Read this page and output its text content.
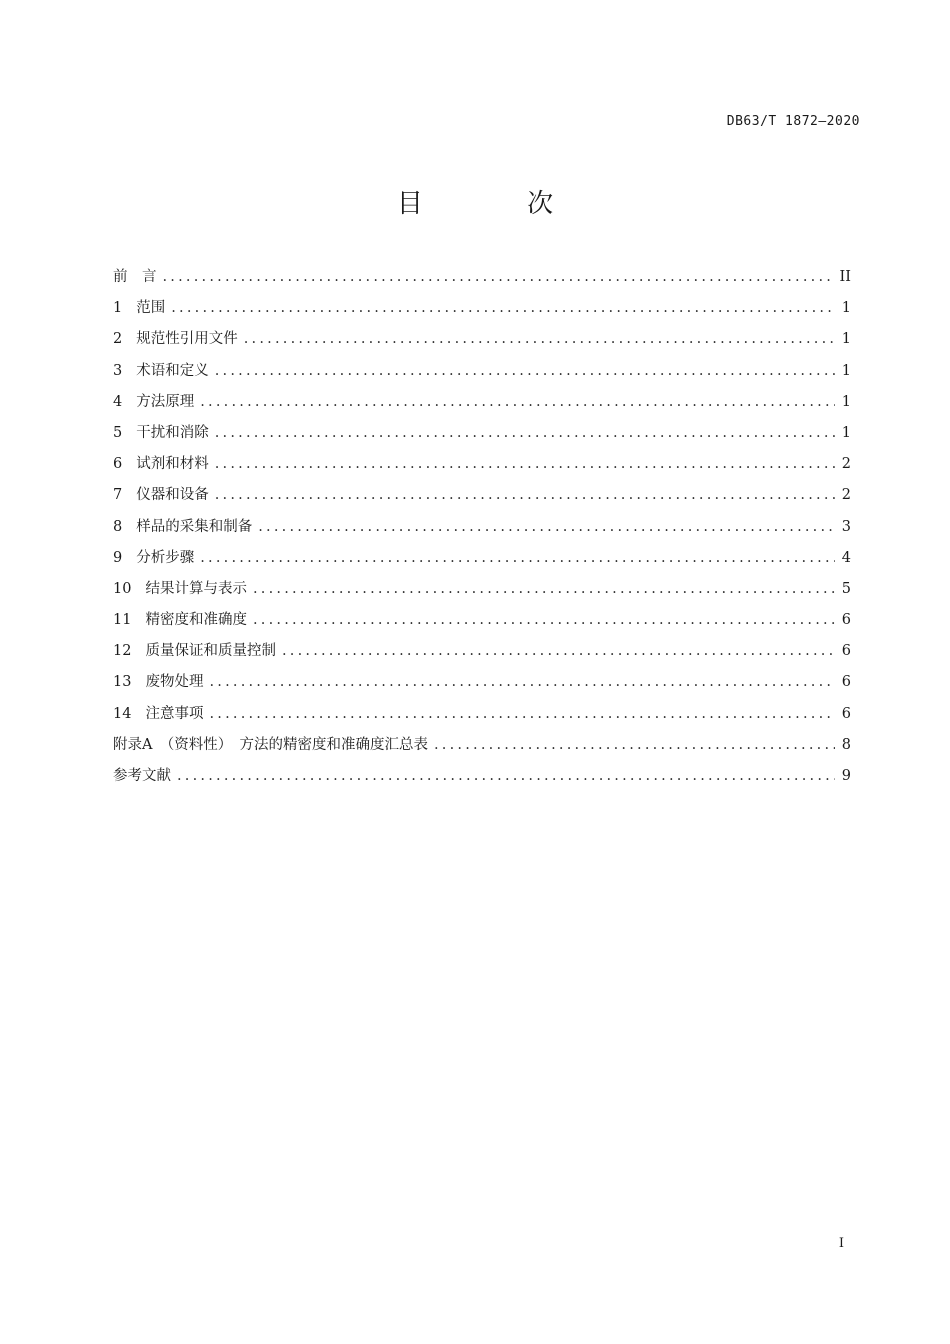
DB63/T 1872—2020
目 次
前　言 .....	II
1 范围 .....	1
2 规范性引用文件 .....	1
3 术语和定义 .....	1
4 方法原理 .....	1
5 干扰和消除 .....	1
6 试剂和材料 .....	2
7 仪器和设备 .....	2
8 样品的采集和制备 .....	3
9 分析步骤 .....	4
10 结果计算与表示 .....	5
11 精密度和准确度 .....	6
12 质量保证和质量控制 .....	6
13 废物处理 .....	6
14 注意事项 .....	6
附录A　（资料性）　方法的精密度和准确度汇总表 .....	8
参考文献 .....	9
I
